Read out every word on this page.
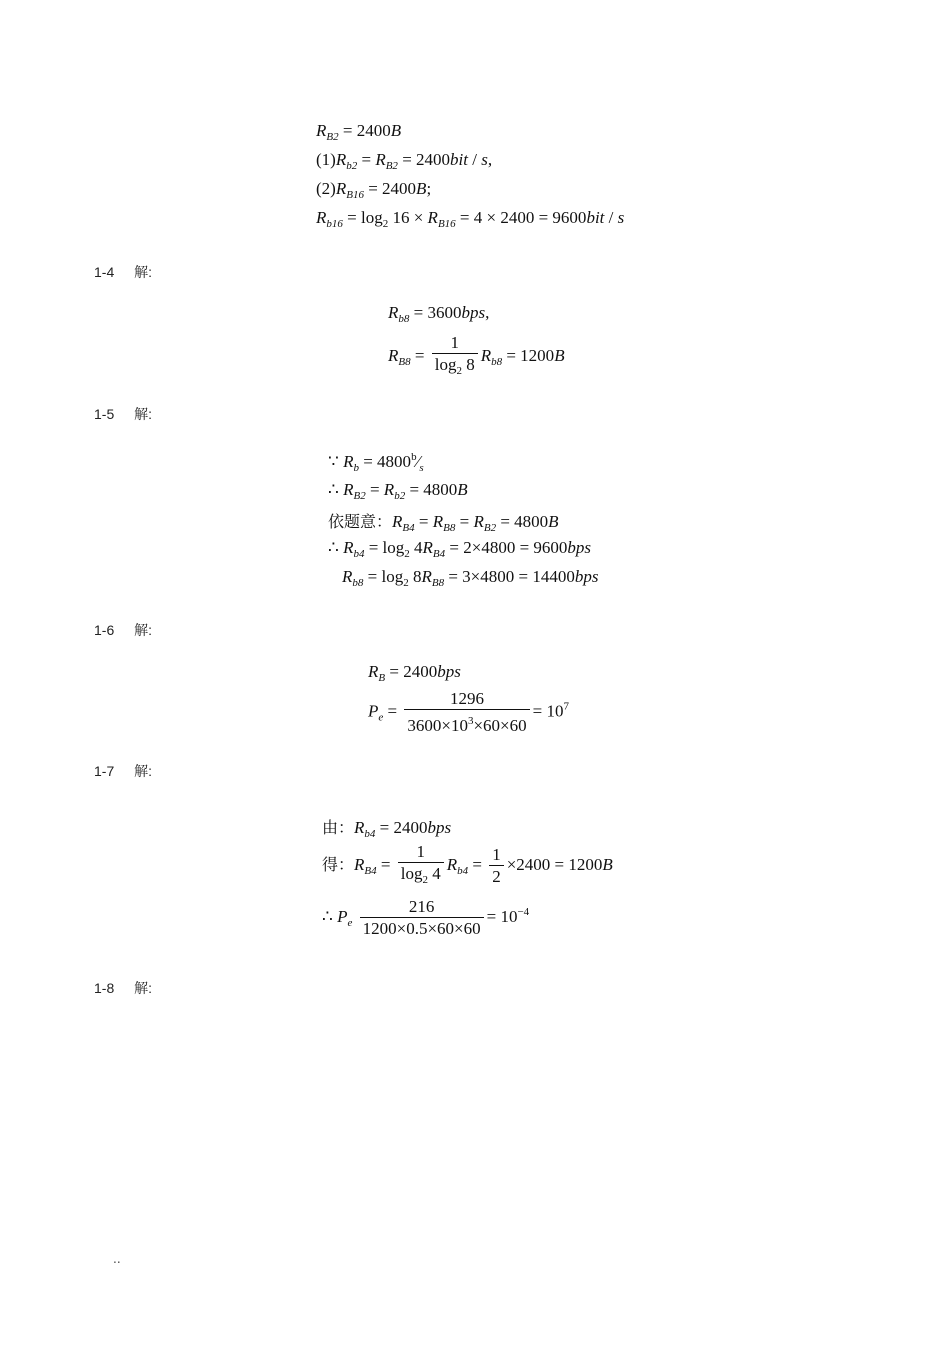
$R_{B2} = 2400B$
$(1)R_{b2} = R_{B2} = 2400bit / s$,
$(2)R_{B16} = 2400B$;
$R_{b16} = \log_2 16 \times R_{B16} = 4 \times 2400 = 9600bit / s$
1-4 解:
$R_{b8} = 3600bps$,
$R_{B8} = \frac{1}{\log_2 8} R_{b8} = 1200B$
1-5 解:
∵ $R_b$ = $4800^b⁄_s$
∴ $R_{B2} = R_{b2} = 4800B$
依题意：$R_{B4} = R_{B8} = R_{B2} = 4800B$
∴ $R_{b4} = \log_2 4R_{B4} = 2\times 4800 = 9600bps$
$R_{b8} = \log_2 8R_{B8} = 3\times 4800 = 14400bps$
1-6 解:
$R_B = 2400bps$
$P_e = \frac{1296}{3600\times 10^3\times 60\times 60} = 10^7$
1-7 解:
由：$R_{b4} = 2400bps$
得：$R_{B4} = \frac{1}{\log_2 4} R_{b4} = \frac{1}{2} \times 2400 = 1200B$
∴ $P_e \frac{216}{1200\times 0.5\times 60\times 60} = 10^{-4}$
1-8 解:
..
